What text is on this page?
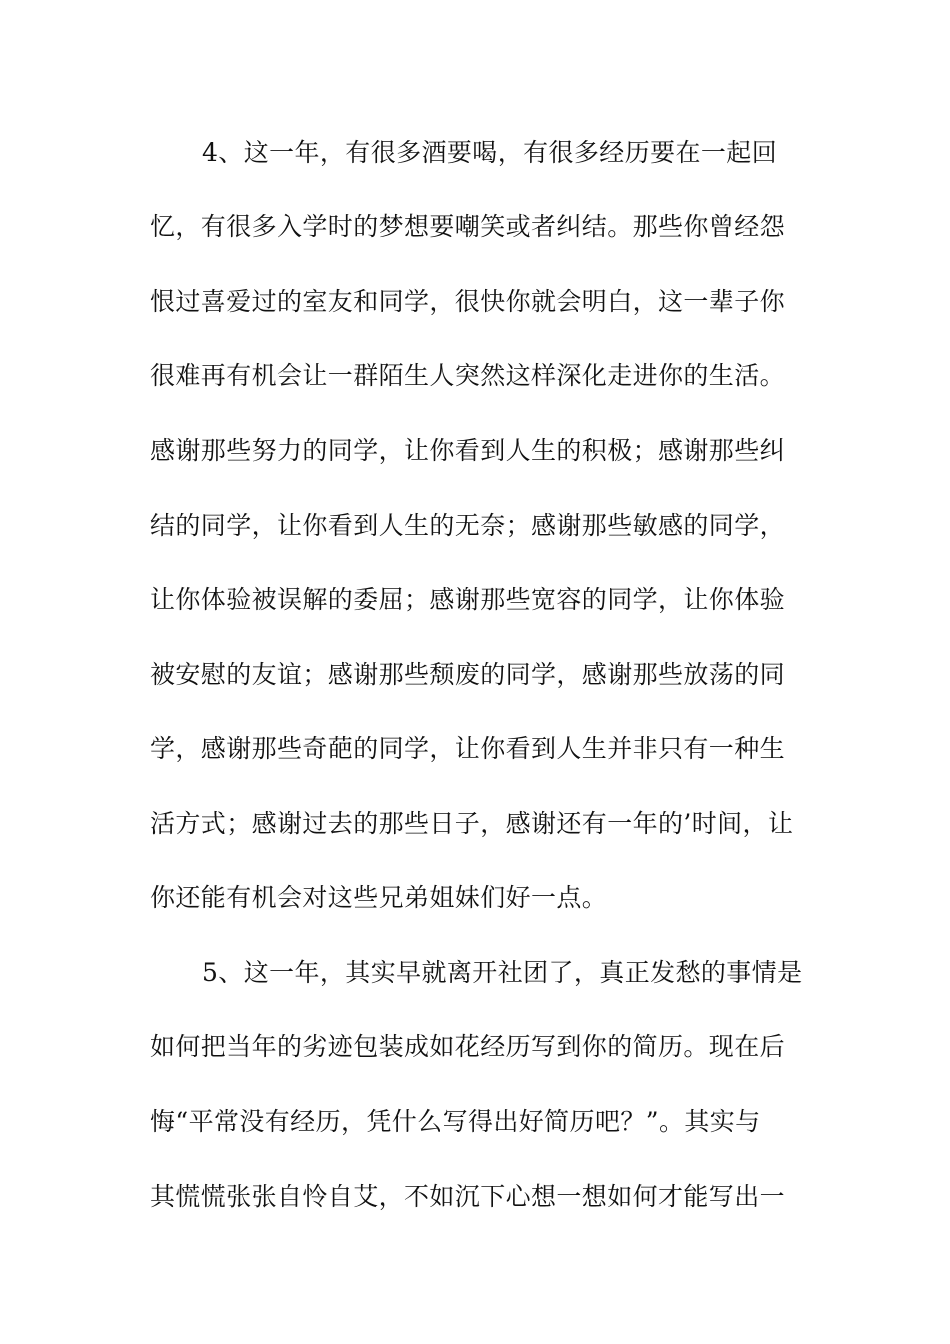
4、这一年，有很多酒要喝，有很多经历要在一起回
忆，有很多入学时的梦想要嘲笑或者纠结。那些你曾经怨
恨过喜爱过的室友和同学，很快你就会明白，这一辈子你
很难再有机会让一群陌生人突然这样深化走进你的生活。
感谢那些努力的同学，让你看到人生的积极；感谢那些纠
结的同学，让你看到人生的无奈；感谢那些敏感的同学，
让你体验被误解的委屈；感谢那些宽容的同学，让你体验
被安慰的友谊；感谢那些颓废的同学，感谢那些放荡的同
学，感谢那些奇葩的同学，让你看到人生并非只有一种生
活方式；感谢过去的那些日子，感谢还有一年的’时间，让
你还能有机会对这些兄弟姐妹们好一点。
5、这一年，其实早就离开社团了，真正发愁的事情是
如何把当年的劣迹包装成如花经历写到你的简历。现在后
悔“平常没有经历，凭什么写得出好简历吧？”。其实与
其慌慌张张自怜自艾，不如沉下心想一想如何才能写出一
